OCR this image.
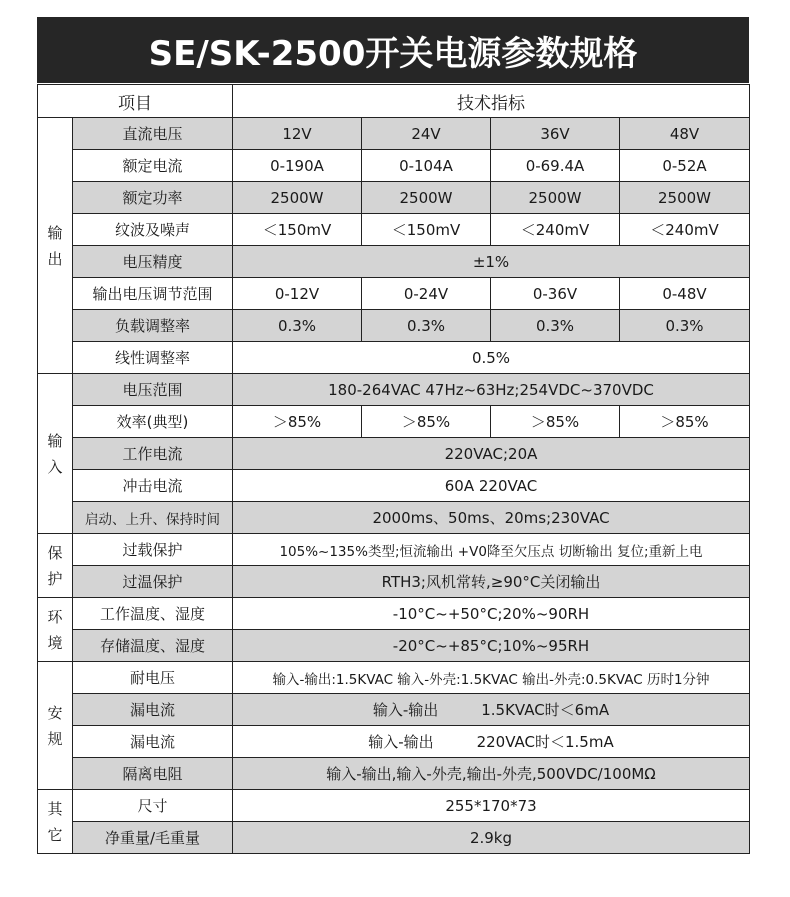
SE/SK-2500开关电源参数规格
项目		技术指标			
输 出	直流电压	12V	24V	36V	48V
	额定电流	0-190A	0-104A	0-69.4A	0-52A
	额定功率	2500W	2500W	2500W	2500W
	纹波及噪声	＜150mV	＜150mV	＜240mV	＜240mV
	电压精度	±1%			
	输出电压调节范围	0-12V	0-24V	0-36V	0-48V
	负载调整率	0.3%	0.3%	0.3%	0.3%
	线性调整率	0.5%			
输 入	电压范围	180-264VAC 47Hz~63Hz;254VDC~370VDC			
	效率(典型)	＞85%	＞85%	＞85%	＞85%
	工作电流	220VAC;20A			
	冲击电流	60A 220VAC			
	启动、上升、保持时间	2000ms、50ms、20ms;230VAC			
保 护	过载保护	105%~135%类型;恒流输出 +V0降至欠压点 切断输出 复位;重新上电			
	过温保护	RTH3;风机常转,≥90°C关闭输出			
环 境	工作温度、湿度	-10°C~+50°C;20%~90RH			
	存储温度、湿度	-20°C~+85°C;10%~95RH			
安 规	耐电压	输入-输出:1.5KVAC 输入-外壳:1.5KVAC 输出-外壳:0.5KVAC 历时1分钟			
	漏电流	输入-输出         1.5KVAC时＜6mA			
	漏电流	输入-输出         220VAC时＜1.5mA			
	隔离电阻	输入-输出,输入-外壳,输出-外壳,500VDC/100MΩ			
其 它	尺寸	255*170*73			
	净重量/毛重量	2.9kg			
